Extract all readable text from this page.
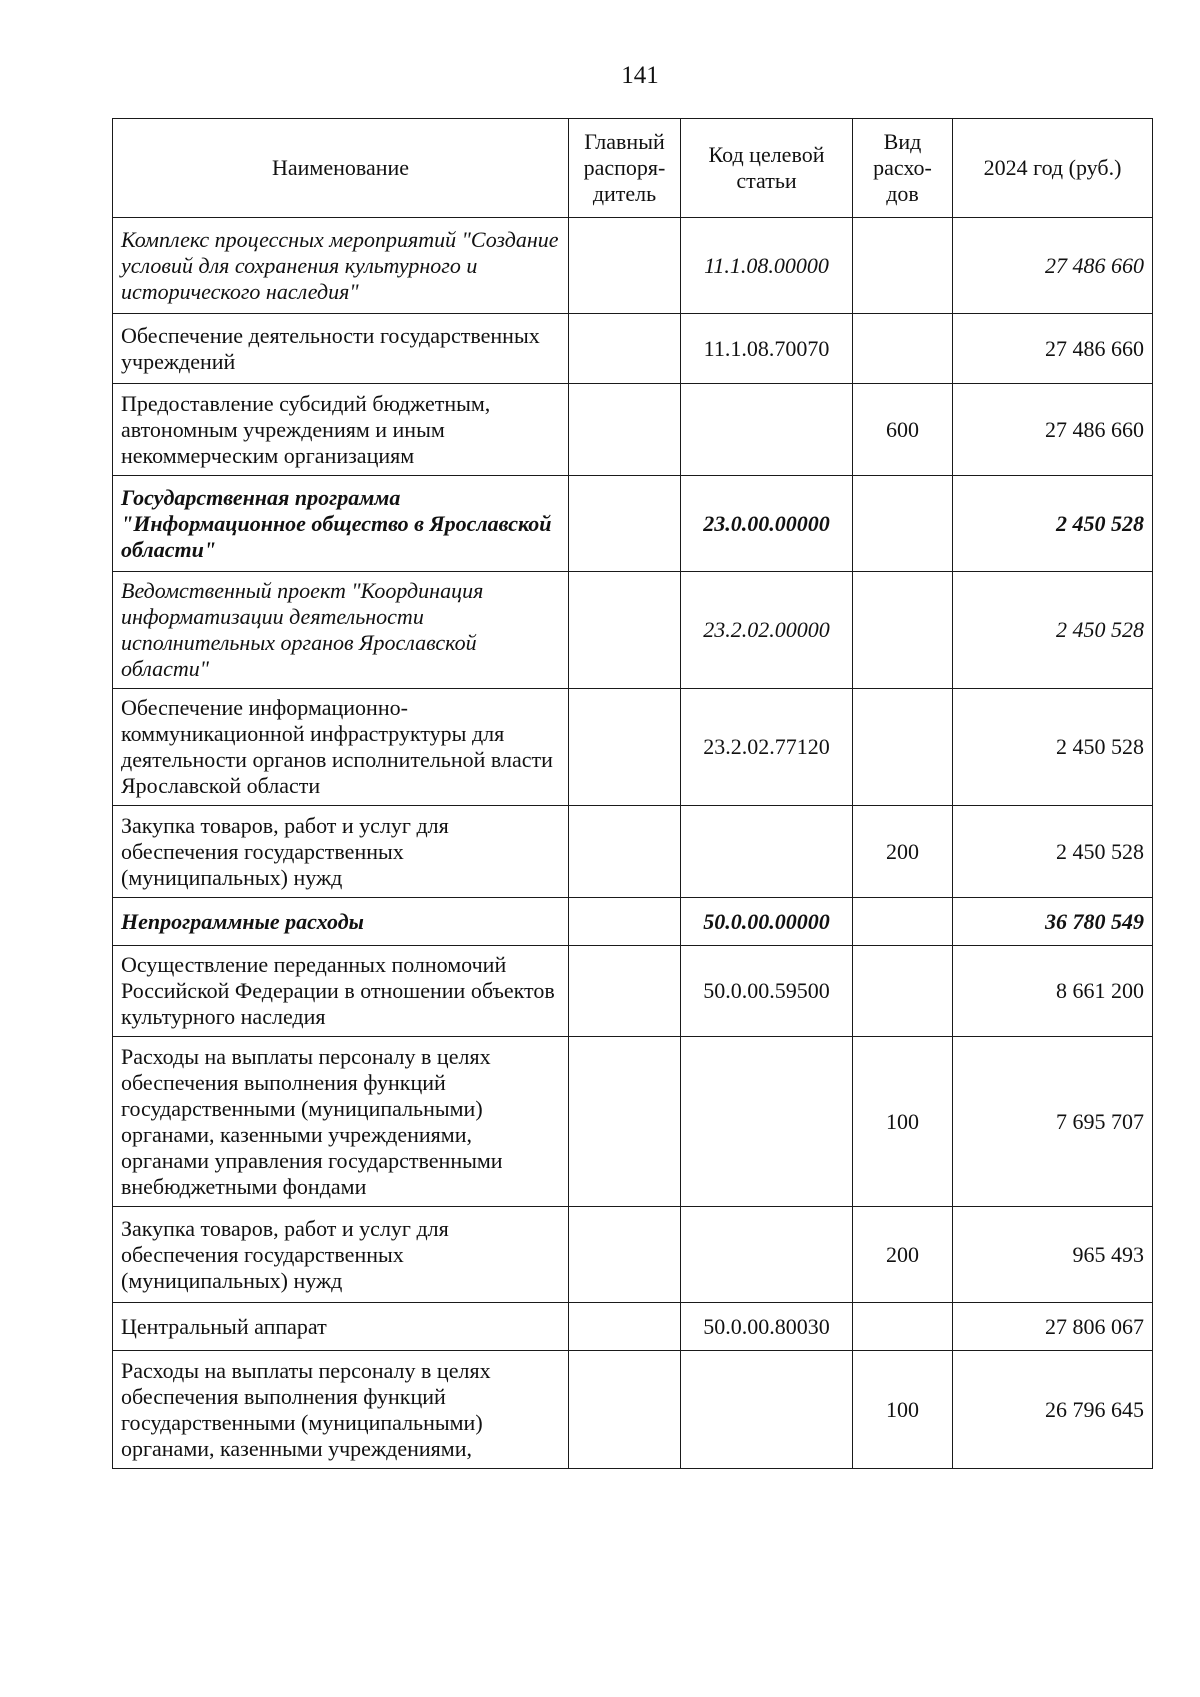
141
Наименование	Главный распоря-дитель	Код целевой статьи	Вид расхо-дов	2024 год (руб.)
Комплекс процессных мероприятий "Создание условий для сохранения культурного и исторического наследия"		11.1.08.00000		27 486 660
Обеспечение деятельности государственных учреждений		11.1.08.70070		27 486 660
Предоставление субсидий бюджетным, автономным учреждениям и иным некоммерческим организациям			600	27 486 660
Государственная программа "Информационное общество в Ярославской области"		23.0.00.00000		2 450 528
Ведомственный проект "Координация информатизации деятельности исполнительных органов Ярославской области"		23.2.02.00000		2 450 528
Обеспечение информационно-коммуникационной инфраструктуры для деятельности органов исполнительной власти Ярославской области		23.2.02.77120		2 450 528
Закупка товаров, работ и услуг для обеспечения государственных (муниципальных) нужд			200	2 450 528
Непрограммные расходы		50.0.00.00000		36 780 549
Осуществление переданных полномочий Российской Федерации в отношении объектов культурного наследия		50.0.00.59500		8 661 200
Расходы на выплаты персоналу в целях обеспечения выполнения функций государственными (муниципальными) органами, казенными учреждениями, органами управления государственными внебюджетными фондами			100	7 695 707
Закупка товаров, работ и услуг для обеспечения государственных (муниципальных) нужд			200	965 493
Центральный аппарат		50.0.00.80030		27 806 067
Расходы на выплаты персоналу в целях обеспечения выполнения функций государственными (муниципальными) органами, казенными учреждениями,			100	26 796 645
